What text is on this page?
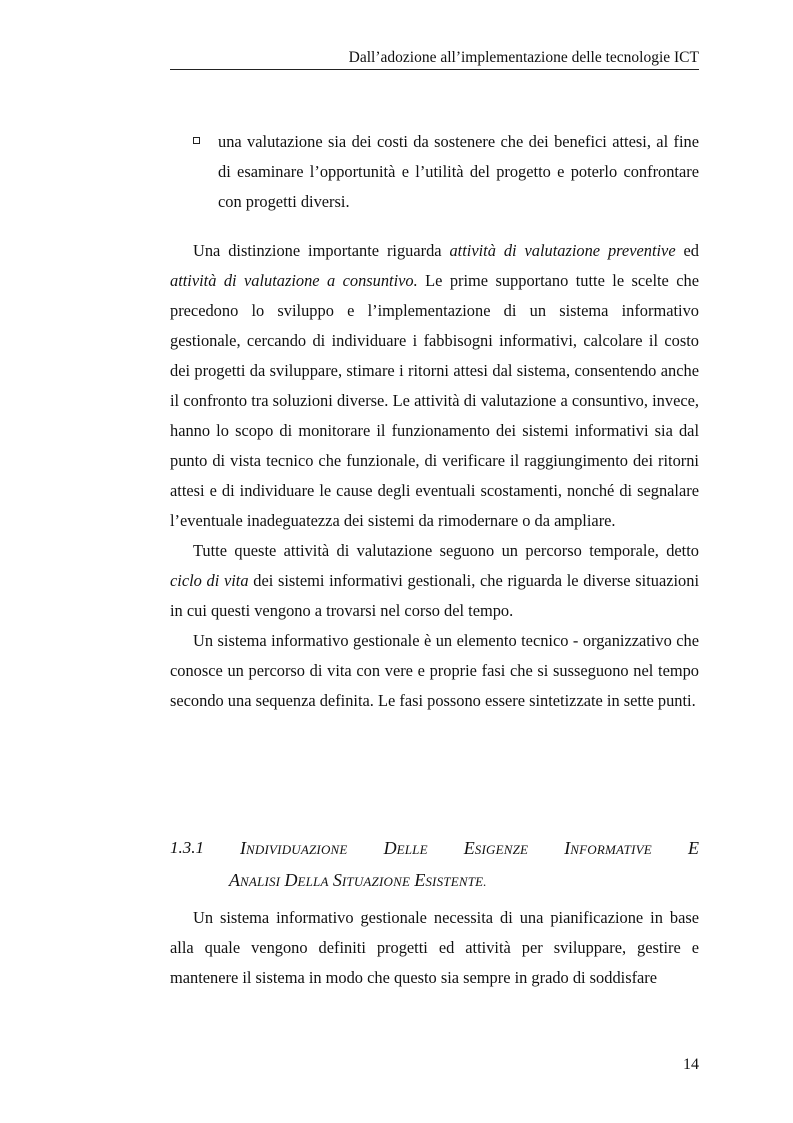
Dall’adozione all’implementazione delle tecnologie ICT
una valutazione sia dei costi da sostenere che dei benefici attesi, al fine di esaminare l’opportunità e l’utilità del progetto e poterlo confrontare con progetti diversi.

Una distinzione importante riguarda attività di valutazione preventive ed attività di valutazione a consuntivo. Le prime supportano tutte le scelte che precedono lo sviluppo e l’implementazione di un sistema informativo gestionale, cercando di individuare i fabbisogni informativi, calcolare il costo dei progetti da sviluppare, stimare i ritorni attesi dal sistema, consentendo anche il confronto tra soluzioni diverse. Le attività di valutazione a consuntivo, invece, hanno lo scopo di monitorare il funzionamento dei sistemi informativi sia dal punto di vista tecnico che funzionale, di verificare il raggiungimento dei ritorni attesi e di individuare le cause degli eventuali scostamenti, nonché di segnalare l’eventuale inadeguatezza dei sistemi da rimodernare o da ampliare.

Tutte queste attività di valutazione seguono un percorso temporale, detto ciclo di vita dei sistemi informativi gestionali, che riguarda le diverse situazioni in cui questi vengono a trovarsi nel corso del tempo.

Un sistema informativo gestionale è un elemento tecnico - organizzativo che conosce un percorso di vita con vere e proprie fasi che si susseguono nel tempo secondo una sequenza definita. Le fasi possono essere sintetizzate in sette punti.

1.3.1 INDIVIDUAZIONE DELLE ESIGENZE INFORMATIVE E
ANALISI DELLA SITUAZIONE ESISTENTE.

Un sistema informativo gestionale necessita di una pianificazione in base alla quale vengono definiti progetti ed attività per sviluppare, gestire e mantenere il sistema in modo che questo sia sempre in grado di soddisfare

14
